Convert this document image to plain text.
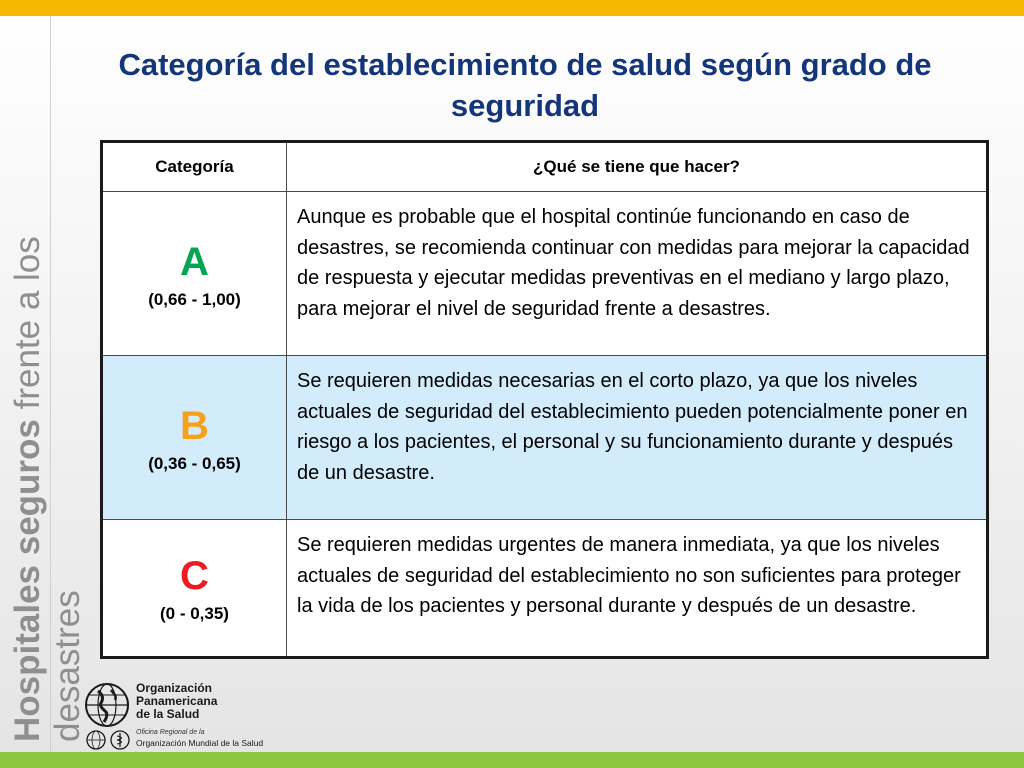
Hospitales seguros frente a los desastres
Categoría del establecimiento de salud según grado de seguridad
Categoría	¿Qué se tiene que hacer?

A
(0,66 - 1,00)	Aunque es probable que el hospital continúe funcionando en caso de desastres, se recomienda continuar con medidas para mejorar la capacidad de respuesta y ejecutar medidas preventivas en el mediano y largo plazo, para mejorar el nivel de seguridad frente a desastres.

B
(0,36 - 0,65)	Se requieren medidas necesarias en el corto plazo, ya que los niveles actuales de seguridad del establecimiento pueden potencialmente poner en riesgo a los pacientes, el personal y su funcionamiento durante y después de un desastre.

C
(0 - 0,35)	Se requieren medidas urgentes de manera inmediata, ya que los niveles actuales de seguridad del establecimiento no son suficientes para proteger la vida de los pacientes y personal durante y después de un desastre.
Organización
Panamericana
de la Salud
Oficina Regional de la
Organización Mundial de la Salud
